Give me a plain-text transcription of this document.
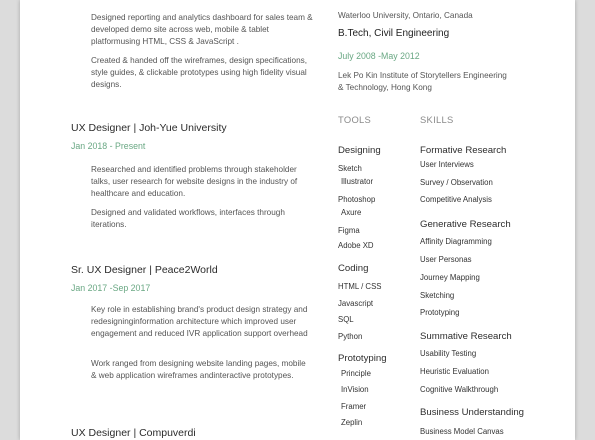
Designed reporting and analytics dashboard for sales team & developed demo site across web, mobile & tablet platformusing HTML, CSS & JavaScript .
Created & handed off the wireframes, design specifications, style guides, & clickable prototypes using high fidelity visual designs.
UX Designer | Joh-Yue University
Jan 2018 - Present
Researched and identified problems through stakeholder talks, user research for website designs in the industry of healthcare and education.
Designed and validated workflows, interfaces through iterations.
Sr. UX Designer | Peace2World
Jan 2017 -Sep 2017
Key role in establishing brand's product design strategy and redesigninginformation architecture which improved user engagement and reduced IVR application support overhead
Work ranged from designing website landing pages, mobile & web application wireframes andinteractive prototypes.
UX Designer | Compuverdi
Waterloo University, Ontario, Canada
B.Tech, Civil Engineering
July 2008 -May 2012
Lek Po Kin Institute of Storytellers Engineering & Technology, Hong Kong
TOOLS
Designing
Sketch
Illustrator
Photoshop
Axure
Figma
Adobe XD
Coding
HTML / CSS
Javascript
SQL
Python
Prototyping
Principle
InVision
Framer
Zeplin
SKILLS
Formative Research
User Interviews
Survey / Observation
Competitive Analysis
Generative Research
Affinity Diagramming
User Personas
Journey Mapping
Sketching
Prototyping
Summative Research
Usability Testing
Heuristic Evaluation
Cognitive Walkthrough
Business Understanding
Business Model Canvas
